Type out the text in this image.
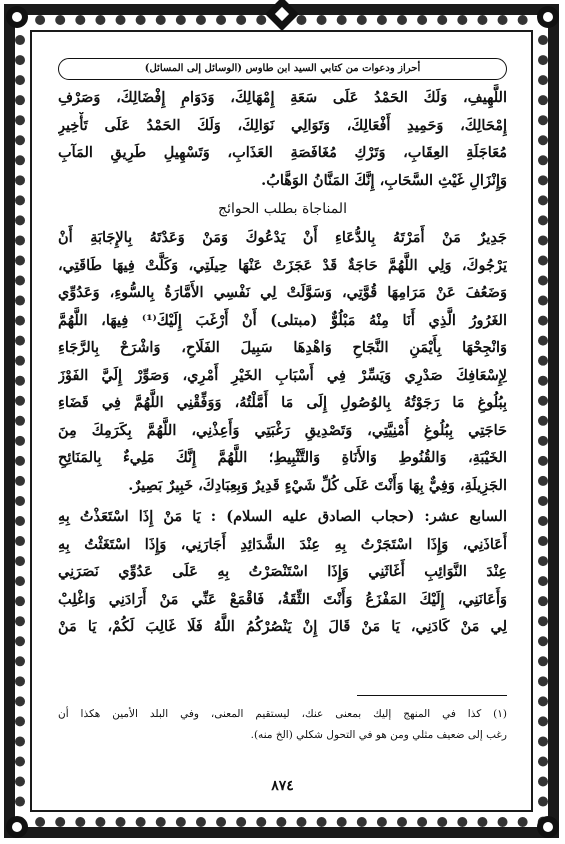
أحراز ودعوات من كتابي السيد ابن طاوس (الوسائل إلى المسائل)
اللَّهِيفِ، وَلَكَ الحَمْدُ عَلَى سَعَةِ إِمْهَالِكَ، وَدَوَامِ إِفْضَالِكَ، وَصَرْفِ
إِمْحَالِكَ، وَحَمِيدِ أَفْعَالِكَ، وَتَوَالِي نَوَالِكَ، وَلَكَ الحَمْدُ عَلَى تَأْخِيرِ
مُعَاجَلَةِ العِقَابِ، وَتَرْكِ مُغَافَصَةِ العَذَابِ، وَتَسْهِيلِ طَرِيقِ المَآبِ
وَإِنْزَالِ غَيْثِ السَّحَابِ، إِنَّكَ المَنَّانُ الوَهَّابُ.
المناجاة بطلب الحوائج
جَدِيرٌ مَنْ أَمَرْتَهُ بِالدُّعَاءِ أَنْ يَدْعُوكَ وَمَنْ وَعَدْتَهُ بِالإِجَابَةِ أَنْ
يَرْجُوكَ، وَلِي اللَّهُمَّ حَاجَةٌ قَدْ عَجَزَتْ عَنْهَا حِيلَتِي، وَكَلَّتْ فِيهَا طَاقَتِي،
وَضَعُفَ عَنْ مَرَامِهَا قُوَّتِي، وَسَوَّلَتْ لِي نَفْسِي الأَمَّارَةُ بِالسُّوءِ، وَعَدُوِّي
الغَرُورُ الَّذِي أَنَا مِنْهُ مَبْلُوٌّ (مبتلى) أَنْ أَرْغَبَ إِلَيْكَ⁽¹⁾ فِيهَا، اللَّهُمَّ
وَانْجِحْهَا بِأَيْمَنِ النَّجَاحِ وَاهْدِهَا سَبِيلَ الفَلَاحِ، وَاشْرَحْ بِالرَّجَاءِ
لِإِسْعَافِكَ صَدْرِي وَيَسِّرْ فِي أَسْبَابِ الخَيْرِ أَمْرِي، وَصَوِّرْ إِلَيَّ الفَوْزَ
بِبُلُوغِ مَا رَجَوْتُهُ بِالوُصُولِ إِلَى مَا أَمَّلْتُهُ، وَوَفِّقْنِي اللَّهُمَّ فِي قَضَاءِ
حَاجَتِي بِبُلُوغِ أُمْنِيَّتِي، وَتَصْدِيقِ رَغْبَتِي وَأَعِذْنِي، اللَّهُمَّ بِكَرَمِكَ مِنَ
الخَيْبَةِ، وَالقُنُوطِ وَالأَنَاةِ وَالتَّثْبِيطِ؛ اللَّهُمَّ إِنَّكَ مَلِيءٌ بِالمَنَائِحِ
الجَزِيلَةِ، وَفِيٌّ بِهَا وَأَنْتَ عَلَى كُلِّ شَيْءٍ قَدِيرٌ وَبِعِبَادِكَ، خَبِيرٌ بَصِيرٌ.
السابع عشر: (حجاب الصادق عليه السلام) : يَا مَنْ إِذَا اسْتَعَذْتُ بِهِ
أَعَاذَنِي، وَإِذَا اسْتَجَرْتُ بِهِ عِنْدَ الشَّدَائِدِ أَجَارَنِي، وَإِذَا اسْتَغَثْتُ بِهِ
عِنْدَ النَّوَائِبِ أَغَاثَنِي وَإِذَا اسْتَنْصَرْتُ بِهِ عَلَى عَدُوِّي نَصَرَنِي
وَأَعَانَنِي، إِلَيْكَ المَفْزَعُ وَأَنْتَ الثِّقَةُ، فَاقْمَعْ عَنِّي مَنْ أَرَادَنِي وَاغْلِبْ
لِي مَنْ كَادَنِي، يَا مَنْ قَالَ إِنْ يَنْصُرْكُمُ اللَّهُ فَلَا غَالِبَ لَكُمْ، يَا مَنْ
(١) كذا في المنهج إليك بمعنى عنك، ليستقيم المعنى، وفي البلد الأمين هكذا أن
رغب إلى ضعيف مثلي ومن هو في التحول شكلي (الخ منه).
٨٧٤
